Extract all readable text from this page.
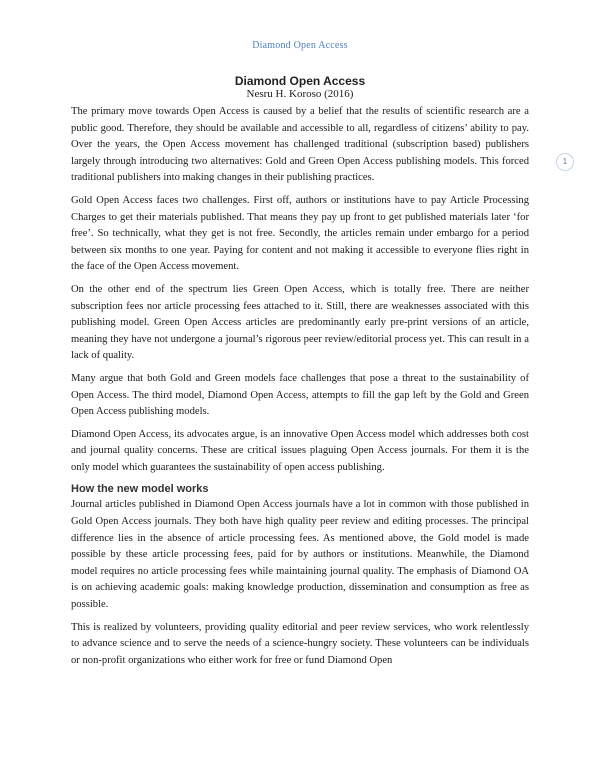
Diamond Open Access
1
Diamond Open Access
Nesru H. Koroso (2016)

The primary move towards Open Access is caused by a belief that the results of scientific research are a public good. Therefore, they should be available and accessible to all, regardless of citizens’ ability to pay. Over the years, the Open Access movement has challenged traditional (subscription based) publishers largely through introducing two alternatives: Gold and Green Open Access publishing models. This forced traditional publishers into making changes in their publishing practices.

Gold Open Access faces two challenges. First off, authors or institutions have to pay Article Processing Charges to get their materials published. That means they pay up front to get published materials later ‘for free’. So technically, what they get is not free. Secondly, the articles remain under embargo for a period between six months to one year. Paying for content and not making it accessible to everyone flies right in the face of the Open Access movement.

On the other end of the spectrum lies Green Open Access, which is totally free. There are neither subscription fees nor article processing fees attached to it. Still, there are weaknesses associated with this publishing model. Green Open Access articles are predominantly early pre-print versions of an article, meaning they have not undergone a journal’s rigorous peer review/editorial process yet. This can result in a lack of quality.

Many argue that both Gold and Green models face challenges that pose a threat to the sustainability of Open Access. The third model, Diamond Open Access, attempts to fill the gap left by the Gold and Green Open Access publishing models.

Diamond Open Access, its advocates argue, is an innovative Open Access model which addresses both cost and journal quality concerns. These are critical issues plaguing Open Access journals. For them it is the only model which guarantees the sustainability of open access publishing.

How the new model works

Journal articles published in Diamond Open Access journals have a lot in common with those published in Gold Open Access journals. They both have high quality peer review and editing processes. The principal difference lies in the absence of article processing fees. As mentioned above, the Gold model is made possible by these article processing fees, paid for by authors or institutions. Meanwhile, the Diamond model requires no article processing fees while maintaining journal quality. The emphasis of Diamond OA is on achieving academic goals: making knowledge production, dissemination and consumption as free as possible.

This is realized by volunteers, providing quality editorial and peer review services, who work relentlessly to advance science and to serve the needs of a science-hungry society. These volunteers can be individuals or non-profit organizations who either work for free or fund Diamond Open
